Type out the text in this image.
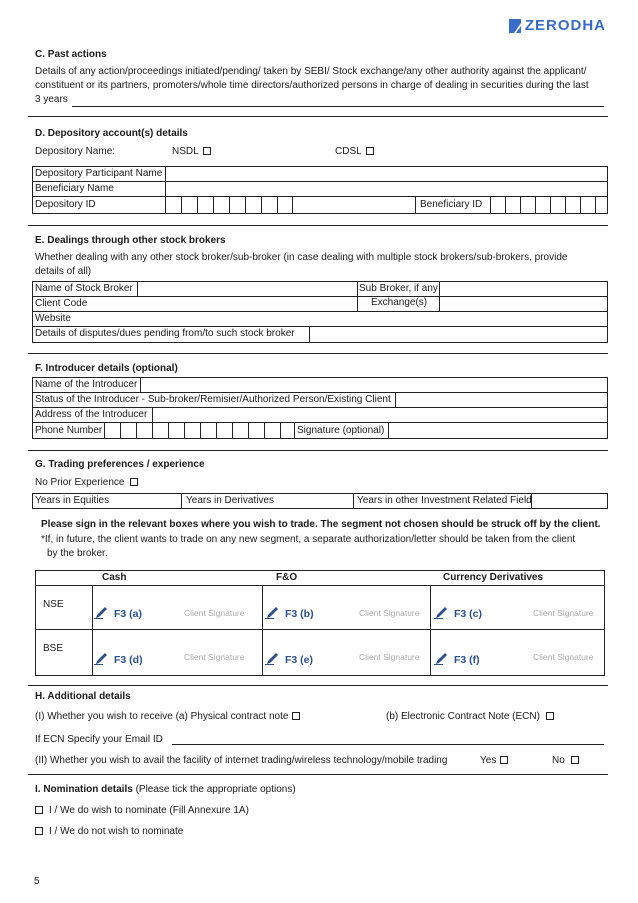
ZERODHA
C. Past actions
Details of any action/proceedings initiated/pending/ taken by SEBI/ Stock exchange/any other authority against the applicant/
constituent or its partners, promoters/whole time directors/authorized persons in charge of dealing in securities during the last
3 years
D. Depository account(s) details
Depository Name:	NSDL	CDSL
Depository Participant Name
Beneficiary Name
Depository ID	Beneficiary ID
E. Dealings through other stock brokers
Whether dealing with any other stock broker/sub-broker (in case dealing with multiple stock brokers/sub-brokers, provide
details of all)
Name of Stock Broker	Sub Broker, if any
Client Code	Exchange(s)
Website
Details of disputes/dues pending from/to such stock broker
F. Introducer details (optional)
Name of the Introducer
Status of the Introducer - Sub-broker/Remisier/Authorized Person/Existing Client
Address of the Introducer
Phone Number	Signature (optional)
G. Trading preferences / experience
No Prior Experience
Years in Equities	Years in Derivatives	Years in other Investment Related Field
Please sign in the relevant boxes where you wish to trade. The segment not chosen should be struck off by the client.
*If, in future, the client wants to trade on any new segment, a separate authorization/letter should be taken from the client
by the broker.
Cash	F&O	Currency Derivatives
NSE
BSE
F3 (a)	Client Signature	F3 (b)	Client Signature	F3 (c)	Client Signature
F3 (d)	Client Signature	F3 (e)	Client Signature	F3 (f)	Client Signature
H. Additional details
(I) Whether you wish to receive (a) Physical contract note	(b) Electronic Contract Note (ECN)
If ECN Specify your Email ID
(II) Whether you wish to avail the facility of internet trading/wireless technology/mobile trading	Yes	No
I. Nomination details (Please tick the appropriate options)
I / We do wish to nominate (Fill Annexure 1A)
I / We do not wish to nominate
5
